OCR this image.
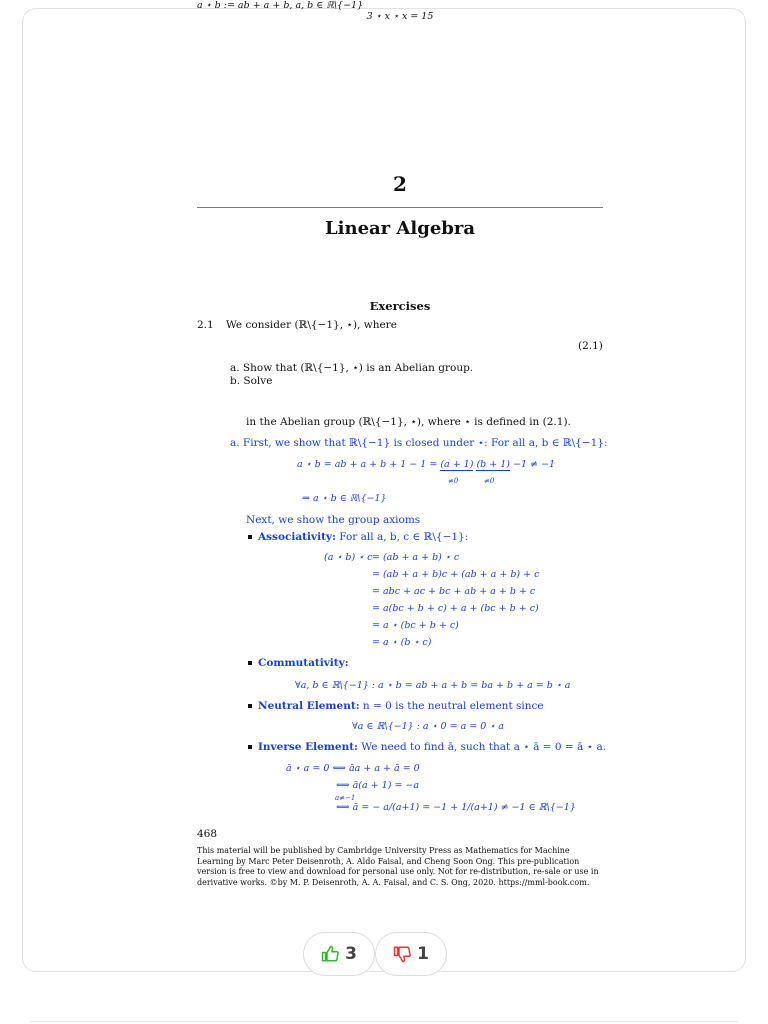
2
Linear Algebra
Exercises
2.1 We consider (ℝ\{−1}, ⋆), where
a ⋆ b := ab + a + b, a, b ∈ ℝ\{−1}
(2.1)
a. Show that (ℝ\{−1}, ⋆) is an Abelian group.
b. Solve
3 ⋆ x ⋆ x = 15
in the Abelian group (ℝ\{−1}, ⋆), where ⋆ is defined in (2.1).
a. First, we show that ℝ\{−1} is closed under ⋆: For all a, b ∈ ℝ\{−1}:
a ⋆ b = ab + a + b + 1 − 1 = (a + 1) (b + 1) −1 ≠ −1
≠0	≠0
⇒ a ⋆ b ∈ ℝ\{−1}
Next, we show the group axioms
Associativity: For all a, b, c ∈ ℝ\{−1}:
(a ⋆ b) ⋆ c = (ab + a + b) ⋆ c
= (ab + a + b)c + (ab + a + b) + c
= abc + ac + bc + ab + a + b + c
= a(bc + b + c) + a + (bc + b + c)
= a ⋆ (bc + b + c)
= a ⋆ (b ⋆ c)
Commutativity:
∀a, b ∈ ℝ\{−1} : a ⋆ b = ab + a + b = ba + b + a = b ⋆ a
Neutral Element: n = 0 is the neutral element since
∀a ∈ ℝ\{−1} : a ⋆ 0 = a = 0 ⋆ a
Inverse Element: We need to find ā, such that a ⋆ ā = 0 = ā ⋆ a.
ā ⋆ a = 0 ⟺ āa + a + ā = 0
⟺ ā(a + 1) = −a
a≠−1
⟺ ā = − a/(a+1) = −1 + 1/(a+1) ≠ −1 ∈ ℝ\{−1}
468
This material will be published by Cambridge University Press as Mathematics for Machine Learning by Marc Peter Deisenroth, A. Aldo Faisal, and Cheng Soon Ong. This pre-publication version is free to view and download for personal use only. Not for re-distribution, re-sale or use in derivative works. ©by M. P. Deisenroth, A. A. Faisal, and C. S. Ong, 2020. https://mml-book.com.
3	1
